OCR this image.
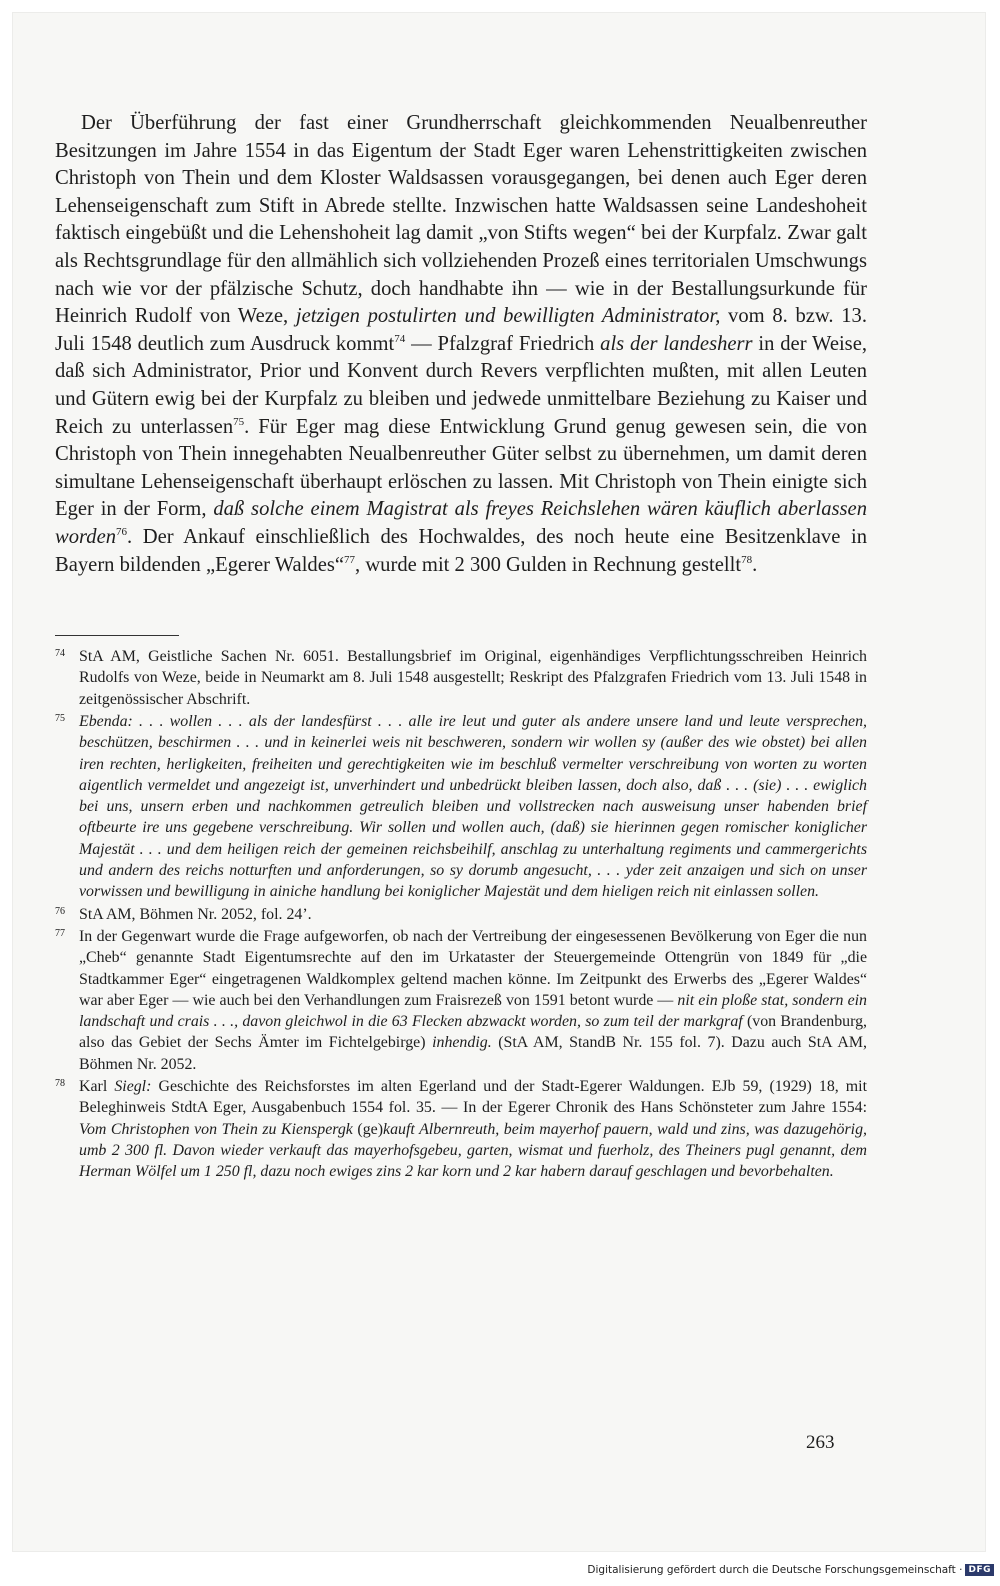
Der Überführung der fast einer Grundherrschaft gleichkommenden Neualbenreuther Besitzungen im Jahre 1554 in das Eigentum der Stadt Eger waren Lehenstrittigkeiten zwischen Christoph von Thein und dem Kloster Waldsassen vorausgegangen, bei denen auch Eger deren Lehenseigenschaft zum Stift in Abrede stellte. Inzwischen hatte Waldsassen seine Landeshoheit faktisch eingebüßt und die Lehenshoheit lag damit „von Stifts wegen“ bei der Kurpfalz. Zwar galt als Rechtsgrundlage für den allmählich sich vollziehenden Prozeß eines territorialen Umschwungs nach wie vor der pfälzische Schutz, doch handhabte ihn — wie in der Bestallungsurkunde für Heinrich Rudolf von Weze, jetzigen postulirten und bewilligten Administrator, vom 8. bzw. 13. Juli 1548 deutlich zum Ausdruck kommt$^{74}$ — Pfalzgraf Friedrich als der landesherr in der Weise, daß sich Administrator, Prior und Konvent durch Revers verpflichten mußten, mit allen Leuten und Gütern ewig bei der Kurpfalz zu bleiben und jedwede unmittelbare Beziehung zu Kaiser und Reich zu unterlassen$^{75}$. Für Eger mag diese Entwicklung Grund genug gewesen sein, die von Christoph von Thein innegehabten Neualbenreuther Güter selbst zu übernehmen, um damit deren simultane Lehenseigenschaft überhaupt erlöschen zu lassen. Mit Christoph von Thein einigte sich Eger in der Form, daß solche einem Magistrat als freyes Reichslehen wären käuflich aberlassen worden$^{76}$. Der Ankauf einschließlich des Hochwaldes, des noch heute eine Besitzenklave in Bayern bildenden „Egerer Waldes“$^{77}$, wurde mit 2 300 Gulden in Rechnung gestellt$^{78}$.

74 StA AM, Geistliche Sachen Nr. 6051. Bestallungsbrief im Original, eigenhändiges Verpflichtungsschreiben Heinrich Rudolfs von Weze, beide in Neumarkt am 8. Juli 1548 ausgestellt; Reskript des Pfalzgrafen Friedrich vom 13. Juli 1548 in zeitgenössischer Abschrift.
75 Ebenda: . . . wollen . . . als der landesfürst . . . alle ire leut und guter als andere unsere land und leute versprechen, beschützen, beschirmen . . . und in keinerlei weis nit beschweren, sondern wir wollen sy (außer des wie obstet) bei allen iren rechten, herligkeiten, freiheiten und gerechtigkeiten wie im beschluß vermelter verschreibung von worten zu worten aigentlich vermeldet und angezeigt ist, unverhindert und unbedrückt bleiben lassen, doch also, daß . . . (sie) . . . ewiglich bei uns, unsern erben und nachkommen getreulich bleiben und vollstrecken nach ausweisung unser habenden brief oftbeurte ire uns gegebene verschreibung. Wir sollen und wollen auch, (daß) sie hierinnen gegen romischer koniglicher Majestät . . . und dem heiligen reich der gemeinen reichsbeihilf, anschlag zu unterhaltung regiments und cammergerichts und andern des reichs notturften und anforderungen, so sy dorumb angesucht, . . . yder zeit anzaigen und sich on unser vorwissen und bewilligung in ainiche handlung bei koniglicher Majestät und dem hieligen reich nit einlassen sollen.
76 StA AM, Böhmen Nr. 2052, fol. 24’.
77 In der Gegenwart wurde die Frage aufgeworfen, ob nach der Vertreibung der eingesessenen Bevölkerung von Eger die nun „Cheb“ genannte Stadt Eigentumsrechte auf den im Urkataster der Steuergemeinde Ottengrün von 1849 für „die Stadtkammer Eger“ eingetragenen Waldkomplex geltend machen könne. Im Zeitpunkt des Erwerbs des „Egerer Waldes“ war aber Eger — wie auch bei den Verhandlungen zum Fraisrezeß von 1591 betont wurde — nit ein ploße stat, sondern ein landschaft und crais . . ., davon gleichwol in die 63 Flecken abzwackt worden, so zum teil der markgraf (von Brandenburg, also das Gebiet der Sechs Ämter im Fichtelgebirge) inhendig. (StA AM, StandB Nr. 155 fol. 7). Dazu auch StA AM, Böhmen Nr. 2052.
78 Karl Siegl: Geschichte des Reichsforstes im alten Egerland und der Stadt-Egerer Waldungen. EJb 59, (1929) 18, mit Beleghinweis StdtA Eger, Ausgabenbuch 1554 fol. 35. — In der Egerer Chronik des Hans Schönsteter zum Jahre 1554: Vom Christophen von Thein zu Kienspergk (ge)kauft Albernreuth, beim mayerhof pauern, wald und zins, was dazugehörig, umb 2 300 fl. Davon wieder verkauft das mayerhofsgebeu, garten, wismat und fuerholz, des Theiners pugl genannt, dem Herman Wölfel um 1 250 fl, dazu noch ewiges zins 2 kar korn und 2 kar habern darauf geschlagen und bevorbehalten.
263
Digitalisierung gefördert durch die Deutsche Forschungsgemeinschaft · DFG
